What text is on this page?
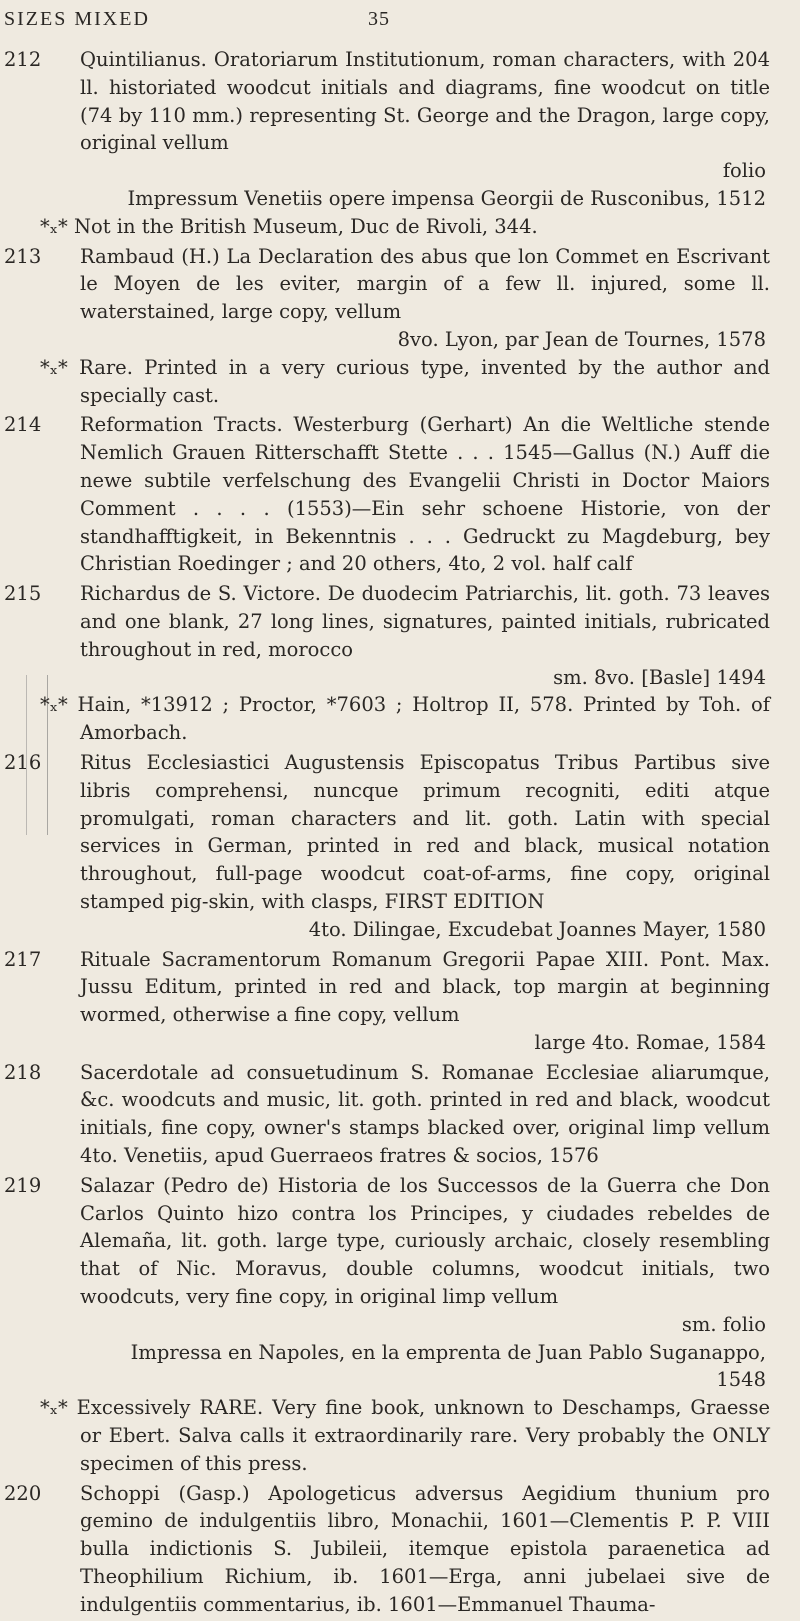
SIZES MIXED	35
212 Quintilianus. Oratoriarum Institutionum, roman characters, with 204 ll. historiated woodcut initials and diagrams, fine woodcut on title (74 by 110 mm.) representing St. George and the Dragon, large copy, original vellum

folio

Impressum Venetiis opere impensa Georgii de Rusconibus, 1512

*ₓ* Not in the British Museum, Duc de Rivoli, 344.

213 Rambaud (H.) La Declaration des abus que lon Commet en Escrivant le Moyen de les eviter, margin of a few ll. injured, some ll. waterstained, large copy, vellum

8vo. Lyon, par Jean de Tournes, 1578

*ₓ* Rare. Printed in a very curious type, invented by the author and specially cast.

214 Reformation Tracts. Westerburg (Gerhart) An die Weltliche stende Nemlich Grauen Ritterschafft Stette . . . 1545—Gallus (N.) Auff die newe subtile verfelschung des Evangelii Christi in Doctor Maiors Comment . . . . (1553)—Ein sehr schoene Historie, von der standhafftigkeit, in Bekenntnis . . . Gedruckt zu Magdeburg, bey Christian Roedinger ; and 20 others, 4to, 2 vol. half calf

215 Richardus de S. Victore. De duodecim Patriarchis, lit. goth. 73 leaves and one blank, 27 long lines, signatures, painted initials, rubricated throughout in red, morocco

sm. 8vo. [Basle] 1494

*ₓ* Hain, *13912 ; Proctor, *7603 ; Holtrop II, 578. Printed by Toh. of Amorbach.

216 Ritus Ecclesiastici Augustensis Episcopatus Tribus Partibus sive libris comprehensi, nuncque primum recogniti, editi atque promulgati, roman characters and lit. goth. Latin with special services in German, printed in red and black, musical notation throughout, full-page woodcut coat-of-arms, fine copy, original stamped pig-skin, with clasps, FIRST EDITION

4to. Dilingae, Excudebat Joannes Mayer, 1580

217 Rituale Sacramentorum Romanum Gregorii Papae XIII. Pont. Max. Jussu Editum, printed in red and black, top margin at beginning wormed, otherwise a fine copy, vellum

large 4to. Romae, 1584

218 Sacerdotale ad consuetudinum S. Romanae Ecclesiae aliarumque, &c. woodcuts and music, lit. goth. printed in red and black, woodcut initials, fine copy, owner's stamps blacked over, original limp vellum 4to. Venetiis, apud Guerraeos fratres & socios, 1576

219 Salazar (Pedro de) Historia de los Successos de la Guerra che Don Carlos Quinto hizo contra los Principes, y ciudades rebeldes de Alemaña, lit. goth. large type, curiously archaic, closely resembling that of Nic. Moravus, double columns, woodcut initials, two woodcuts, very fine copy, in original limp vellum

sm. folio

Impressa en Napoles, en la emprenta de Juan Pablo Suganappo, 1548

*ₓ* Excessively RARE. Very fine book, unknown to Deschamps, Graesse or Ebert. Salva calls it extraordinarily rare. Very probably the ONLY specimen of this press.

220 Schoppi (Gasp.) Apologeticus adversus Aegidium thunium pro gemino de indulgentiis libro, Monachii, 1601—Clementis P. P. VIII bulla indictionis S. Jubileii, itemque epistola paraenetica ad Theophilium Richium, ib. 1601—Erga, anni jubelaei sive de indulgentiis commentarius, ib. 1601—Emmanuel Thauma-
